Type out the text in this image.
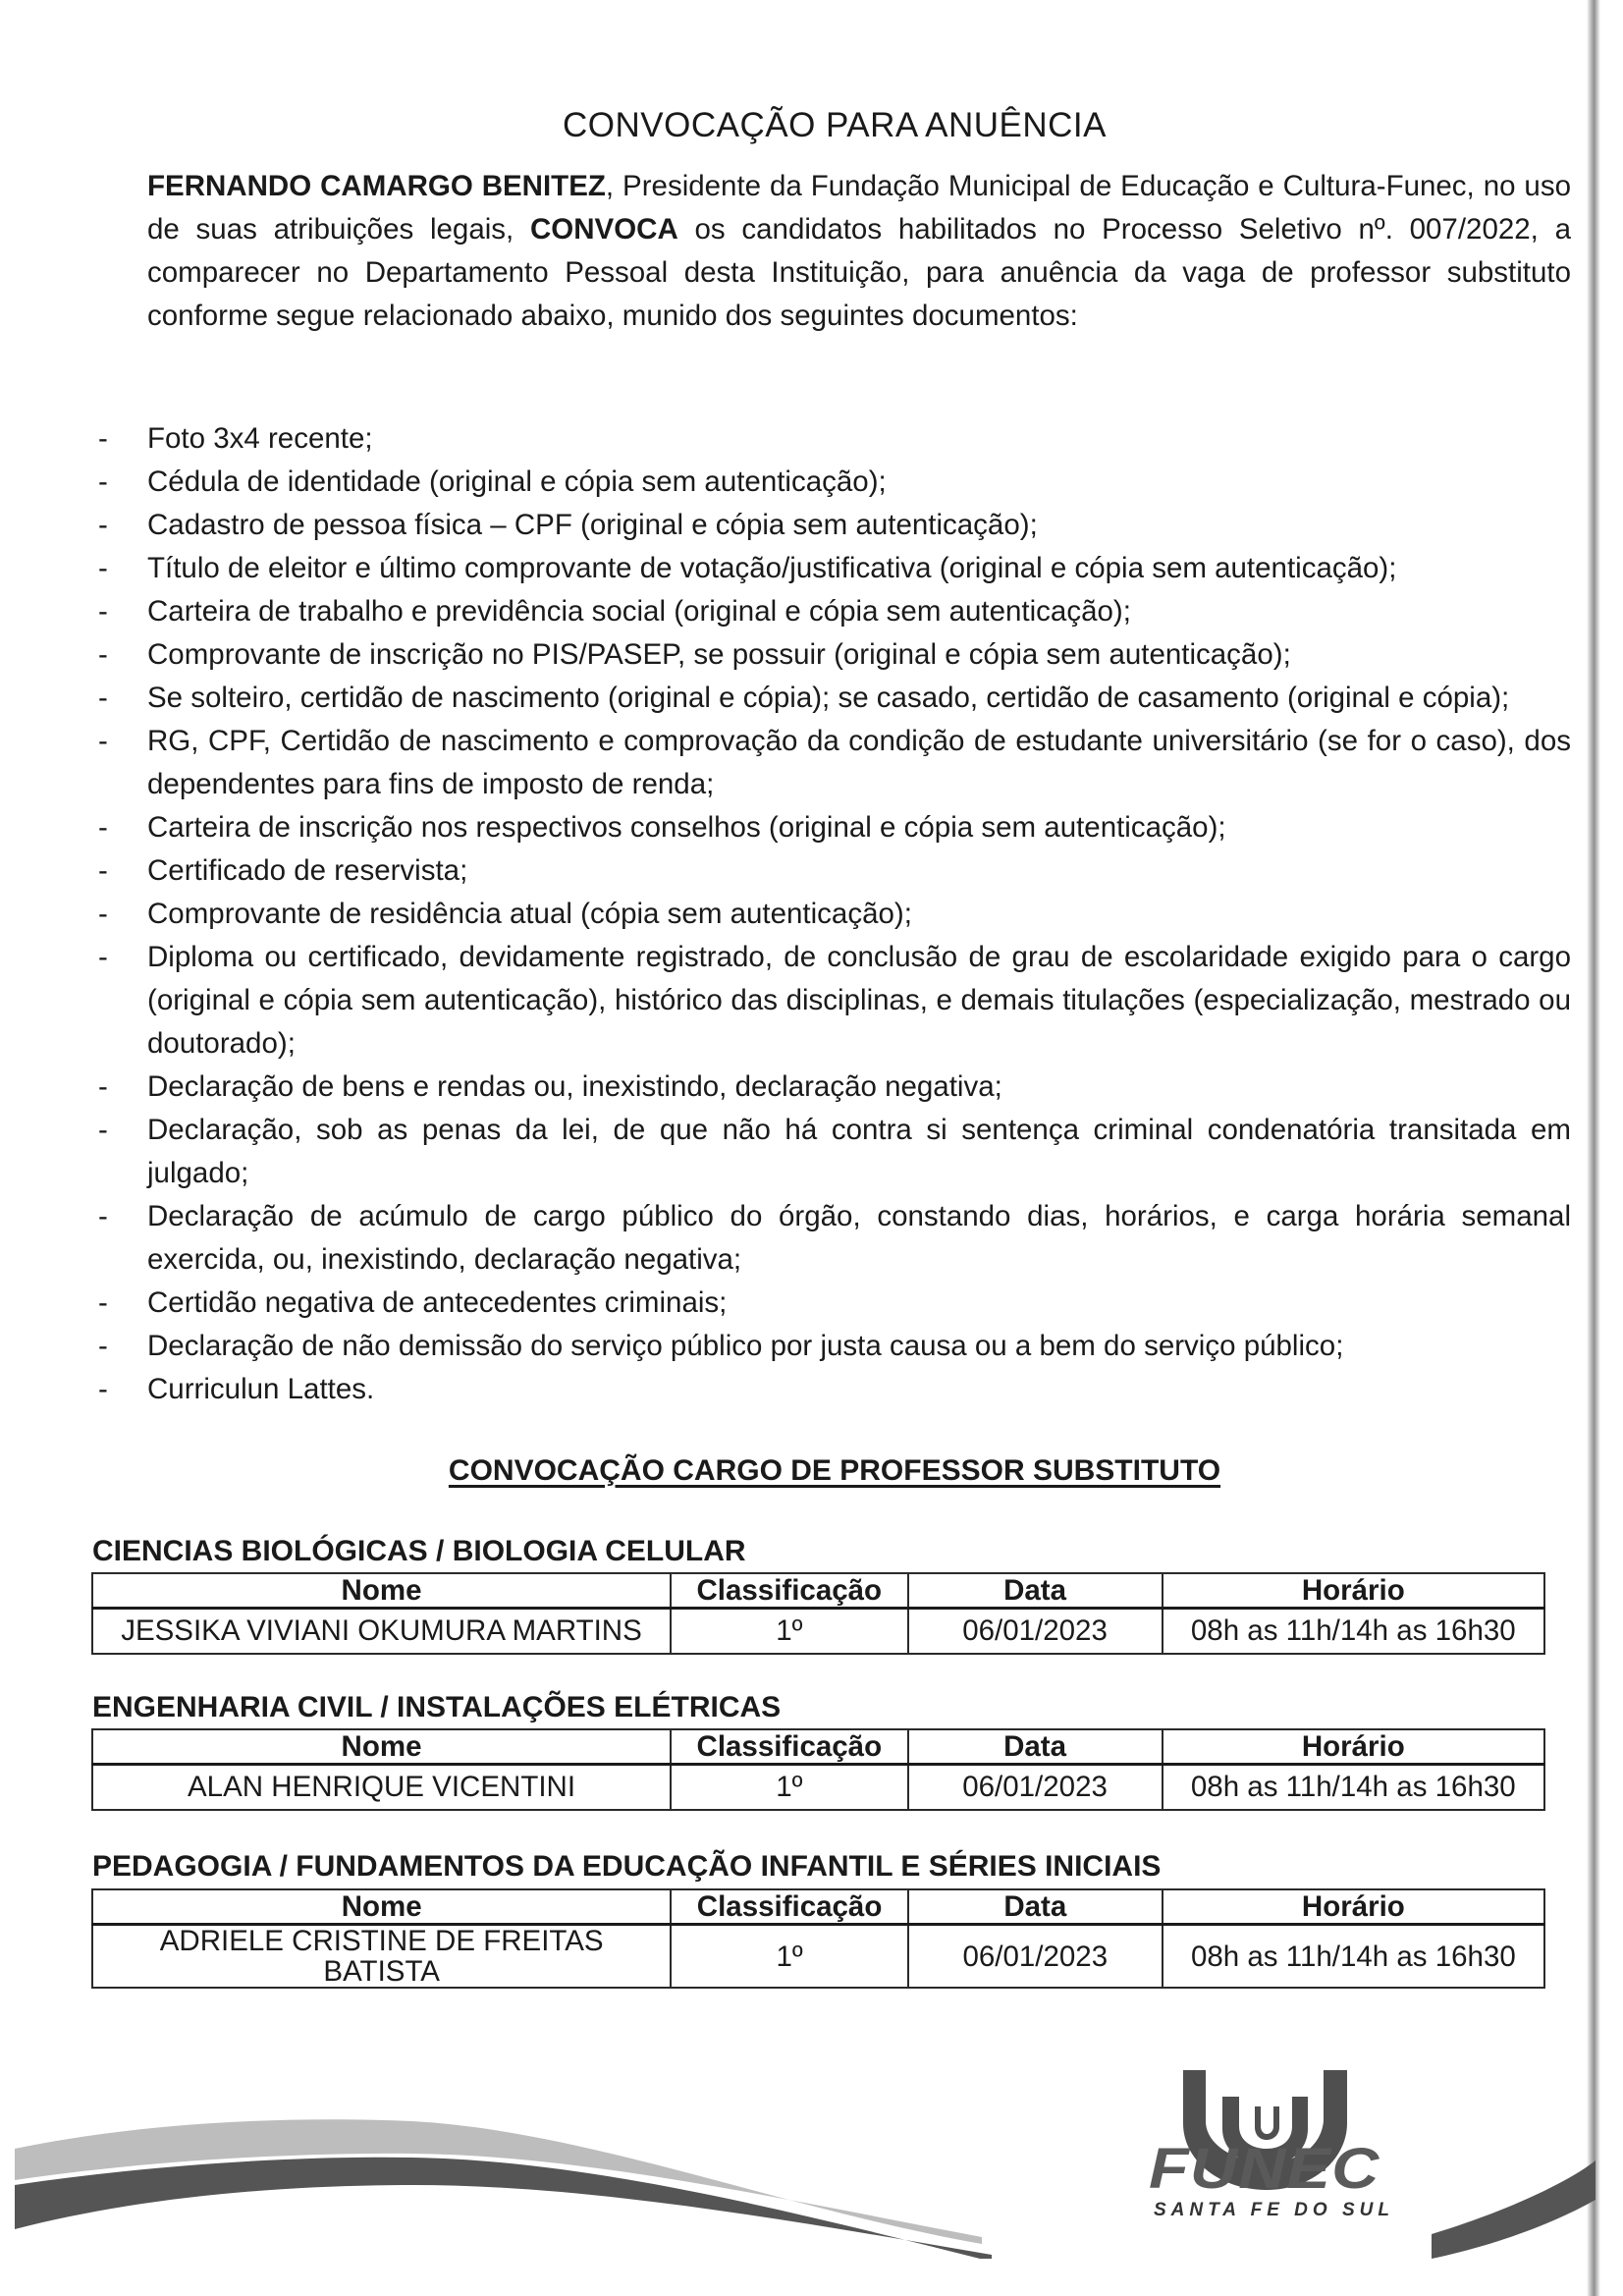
CONVOCAÇÃO PARA ANUÊNCIA

FERNANDO CAMARGO BENITEZ, Presidente da Fundação Municipal de Educação e Cultura-Funec, no uso de suas atribuições legais, CONVOCA os candidatos habilitados no Processo Seletivo nº. 007/2022, a comparecer no Departamento Pessoal desta Instituição, para anuência da vaga de professor substituto conforme segue relacionado abaixo, munido dos seguintes documentos:

- Foto 3x4 recente;
- Cédula de identidade (original e cópia sem autenticação);
- Cadastro de pessoa física – CPF (original e cópia sem autenticação);
- Título de eleitor e último comprovante de votação/justificativa (original e cópia sem autenticação);
- Carteira de trabalho e previdência social (original e cópia sem autenticação);
- Comprovante de inscrição no PIS/PASEP, se possuir (original e cópia sem autenticação);
- Se solteiro, certidão de nascimento (original e cópia); se casado, certidão de casamento (original e cópia);
- RG, CPF, Certidão de nascimento e comprovação da condição de estudante universitário (se for o caso), dos dependentes para fins de imposto de renda;
- Carteira de inscrição nos respectivos conselhos (original e cópia sem autenticação);
- Certificado de reservista;
- Comprovante de residência atual (cópia sem autenticação);
- Diploma ou certificado, devidamente registrado, de conclusão de grau de escolaridade exigido para o cargo (original e cópia sem autenticação), histórico das disciplinas, e demais titulações (especialização, mestrado ou doutorado);
- Declaração de bens e rendas ou, inexistindo, declaração negativa;
- Declaração, sob as penas da lei, de que não há contra si sentença criminal condenatória transitada em julgado;
- Declaração de acúmulo de cargo público do órgão, constando dias, horários, e carga horária semanal exercida, ou, inexistindo, declaração negativa;
- Certidão negativa de antecedentes criminais;
- Declaração de não demissão do serviço público por justa causa ou a bem do serviço público;
- Curriculun Lattes.
CONVOCAÇÃO CARGO DE PROFESSOR SUBSTITUTO
CIENCIAS BIOLÓGICAS / BIOLOGIA CELULAR
Nome	Classificação	Data	Horário
JESSIKA VIVIANI OKUMURA MARTINS	1º	06/01/2023	08h as 11h/14h as 16h30
ENGENHARIA CIVIL / INSTALAÇÕES ELÉTRICAS
Nome	Classificação	Data	Horário
ALAN HENRIQUE VICENTINI	1º	06/01/2023	08h as 11h/14h as 16h30
PEDAGOGIA / FUNDAMENTOS DA EDUCAÇÃO INFANTIL E SÉRIES INICIAIS
Nome	Classificação	Data	Horário
ADRIELE CRISTINE DE FREITAS BATISTA	1º	06/01/2023	08h as 11h/14h as 16h30
FUNEC
SANTA FE DO SUL
